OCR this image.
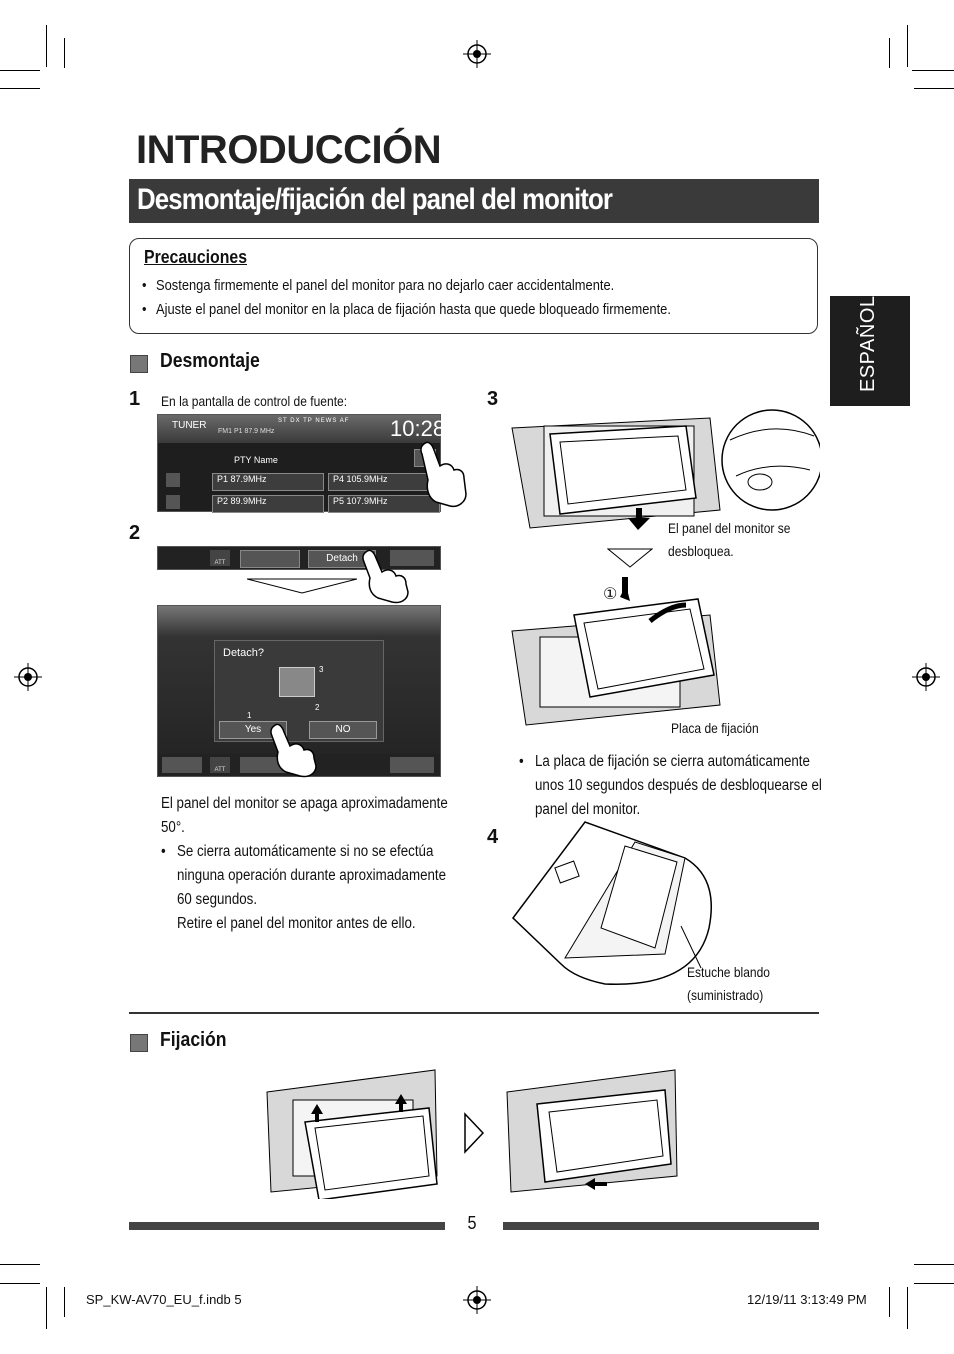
INTRODUCCIÓN
Desmontaje/fijación del panel del monitor
ESPAÑOL
Precauciones
• Sostenga firmemente el panel del monitor para no dejarlo caer accidentalmente.
• Ajuste el panel del monitor en la placa de fijación hasta que quede bloqueado firmemente.
Desmontaje
1 En la pantalla de control de fuente:
TUNER
FM1 P1 87.9 MHz
ST DX TP NEWS AF 10:28
PTY Name
P1 87.9MHz	P4 105.9MHz
P2 89.9MHz	P5 107.9MHz
2
ATT	Detach
Detach?
3
2
1
Yes	NO
ATT
El panel del monitor se apaga aproximadamente
50°.
• Se cierra automáticamente si no se efectúa
ninguna operación durante aproximadamente
60 segundos.
Retire el panel del monitor antes de ello.
3
El panel del monitor se
desbloquea.
①
Placa de fijación
• La placa de fijación se cierra automáticamente
unos 10 segundos después de desbloquearse el
panel del monitor.
4
Estuche blando
(suministrado)
Fijación
5
SP_KW-AV70_EU_f.indb 5	12/19/11 3:13:49 PM
